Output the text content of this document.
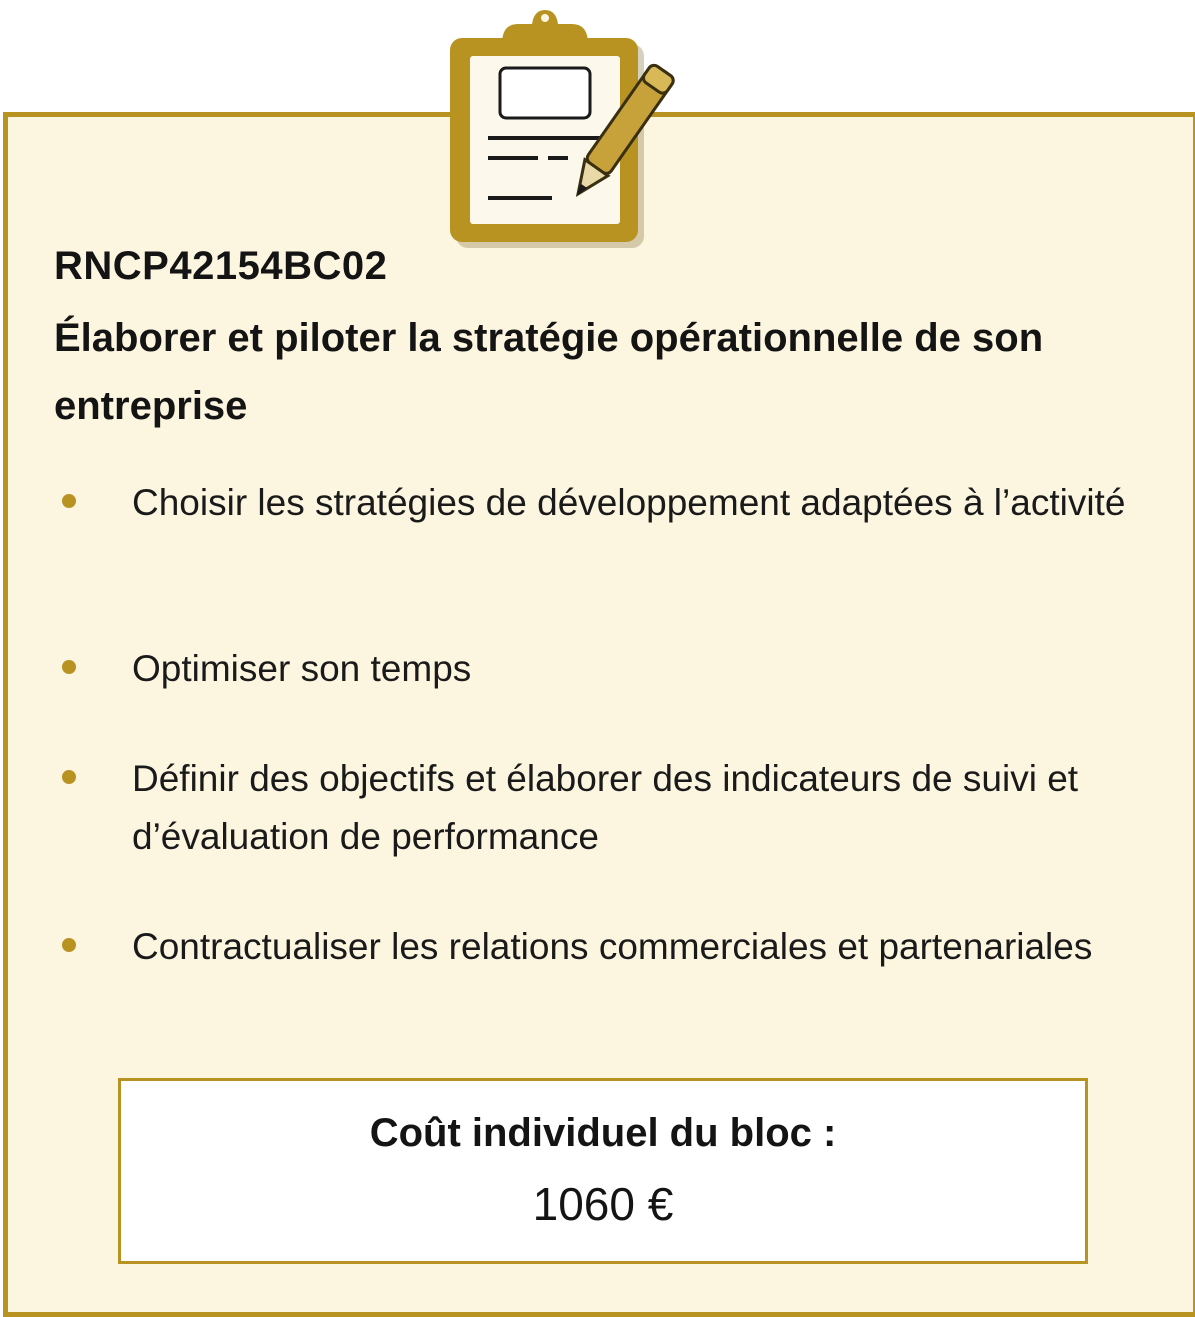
RNCP42154BC02

Élaborer et piloter la stratégie opérationnelle de son entreprise
Choisir les stratégies de développement adaptées à l’activité
Optimiser son temps
Définir des objectifs et élaborer des indicateurs de suivi et d’évaluation de performance
Contractualiser les relations commerciales et partenariales
Coût individuel du bloc :
1060 €
